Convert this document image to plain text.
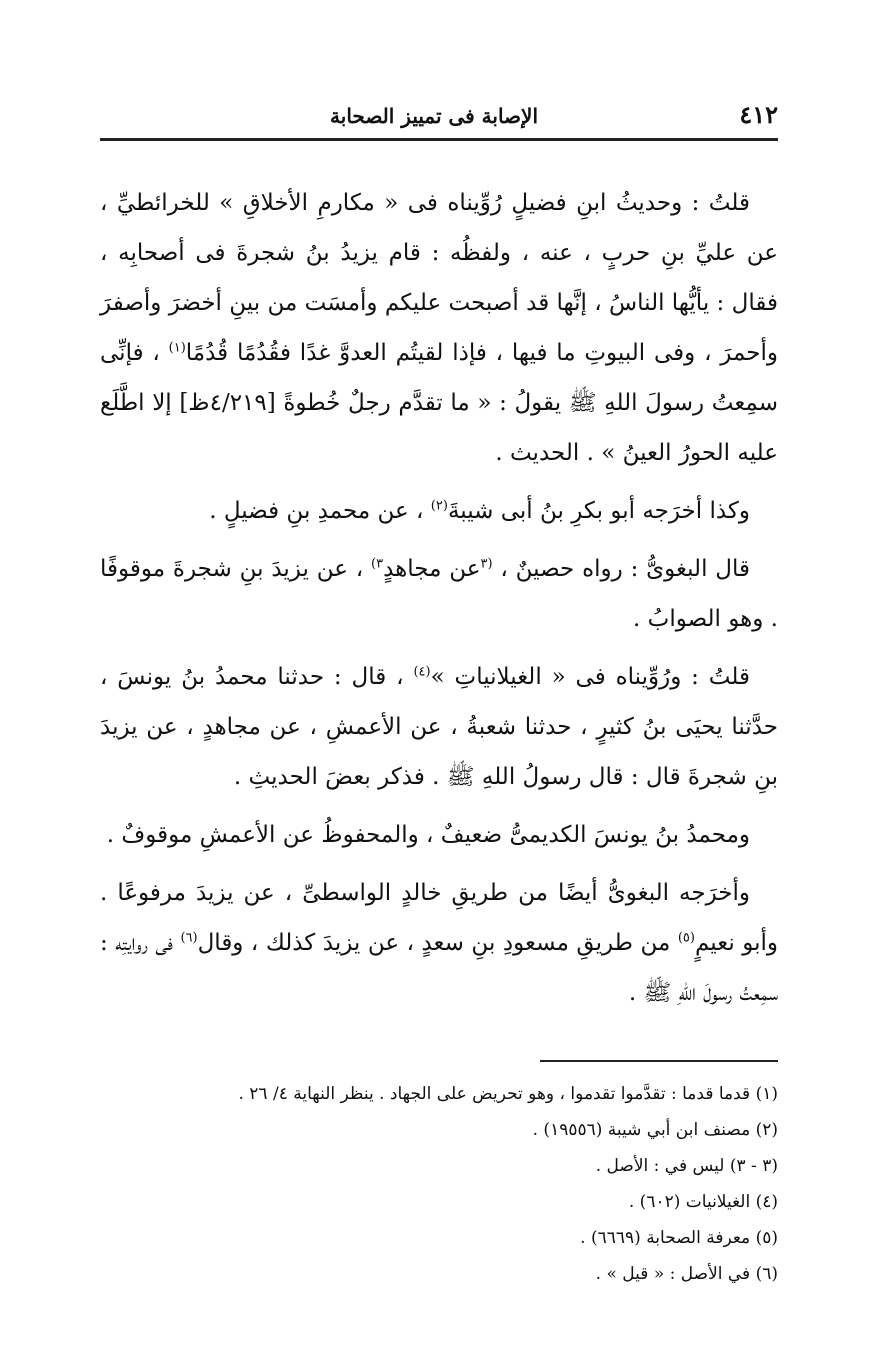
٤١٢
الإصابة فى تمييز الصحابة

قلتُ : وحديثُ ابنِ فضيلٍ رُوِّيناه فى « مكارمِ الأخلاقِ » للخرائطيِّ ، عن عليِّ بنِ حربٍ ، عنه ، ولفظُه : قام يزيدُ بنُ شجرةَ فى أصحابِه ، فقال : يأيُّها الناسُ ، إنَّها قد أصبحت عليكم وأمسَت من بينِ أخضرَ وأصفرَ وأحمرَ ، وفى البيوتِ ما فيها ، فإذا لقيتُم العدوَّ غدًا فقُدُمًا قُدُمًا$^{(١)}$ ، فإنِّى سمِعتُ رسولَ اللهِ ﷺ يقولُ : « ما تقدَّم رجلٌ خُطوةً [٤/٢١٩ظ] إلا اطَّلَع عليه الحورُ العينُ » . الحديث .

وكذا أخرَجه أبو بكرِ بنُ أبى شيبةَ$^{(٢)}$ ، عن محمدِ بنِ فضيلٍ .

قال البغوىُّ : رواه حصينٌ ، $^{(٣}$عن مجاهدٍ$^{٣)}$ ، عن يزيدَ بنِ شجرةَ موقوفًا . وهو الصوابُ .

قلتُ : ورُوِّيناه فى « الغيلانياتِ »$^{(٤)}$ ، قال : حدثنا محمدُ بنُ يونسَ ، حدَّثنا يحيَى بنُ كثيرٍ ، حدثنا شعبةُ ، عن الأعمشِ ، عن مجاهدٍ ، عن يزيدَ بنِ شجرةَ قال : قال رسولُ اللهِ ﷺ . فذكر بعضَ الحديثِ .

ومحمدُ بنُ يونسَ الكديمىُّ ضعيفٌ ، والمحفوظُ عن الأعمشِ موقوفٌ .

وأخرَجه البغوىُّ أيضًا من طريقِ خالدٍ الواسطىِّ ، عن يزيدَ مرفوعًا . وأبو نعيمٍ$^{(٥)}$ من طريقِ مسعودِ بنِ سعدٍ ، عن يزيدَ كذلك ، وقال$^{(٦)}$ فى روايتِه : سمِعتُ رسولَ اللهِ ﷺ .

(١) قدما قدما : تقدَّموا تقدموا ، وهو تحريض على الجهاد . ينظر النهاية ٤/ ٢٦ .
(٢) مصنف ابن أبي شيبة (١٩٥٥٦) .
(٣ - ٣) ليس في : الأصل .
(٤) الغيلانيات (٦٠٢) .
(٥) معرفة الصحابة (٦٦٦٩) .
(٦) في الأصل : « قيل » .
